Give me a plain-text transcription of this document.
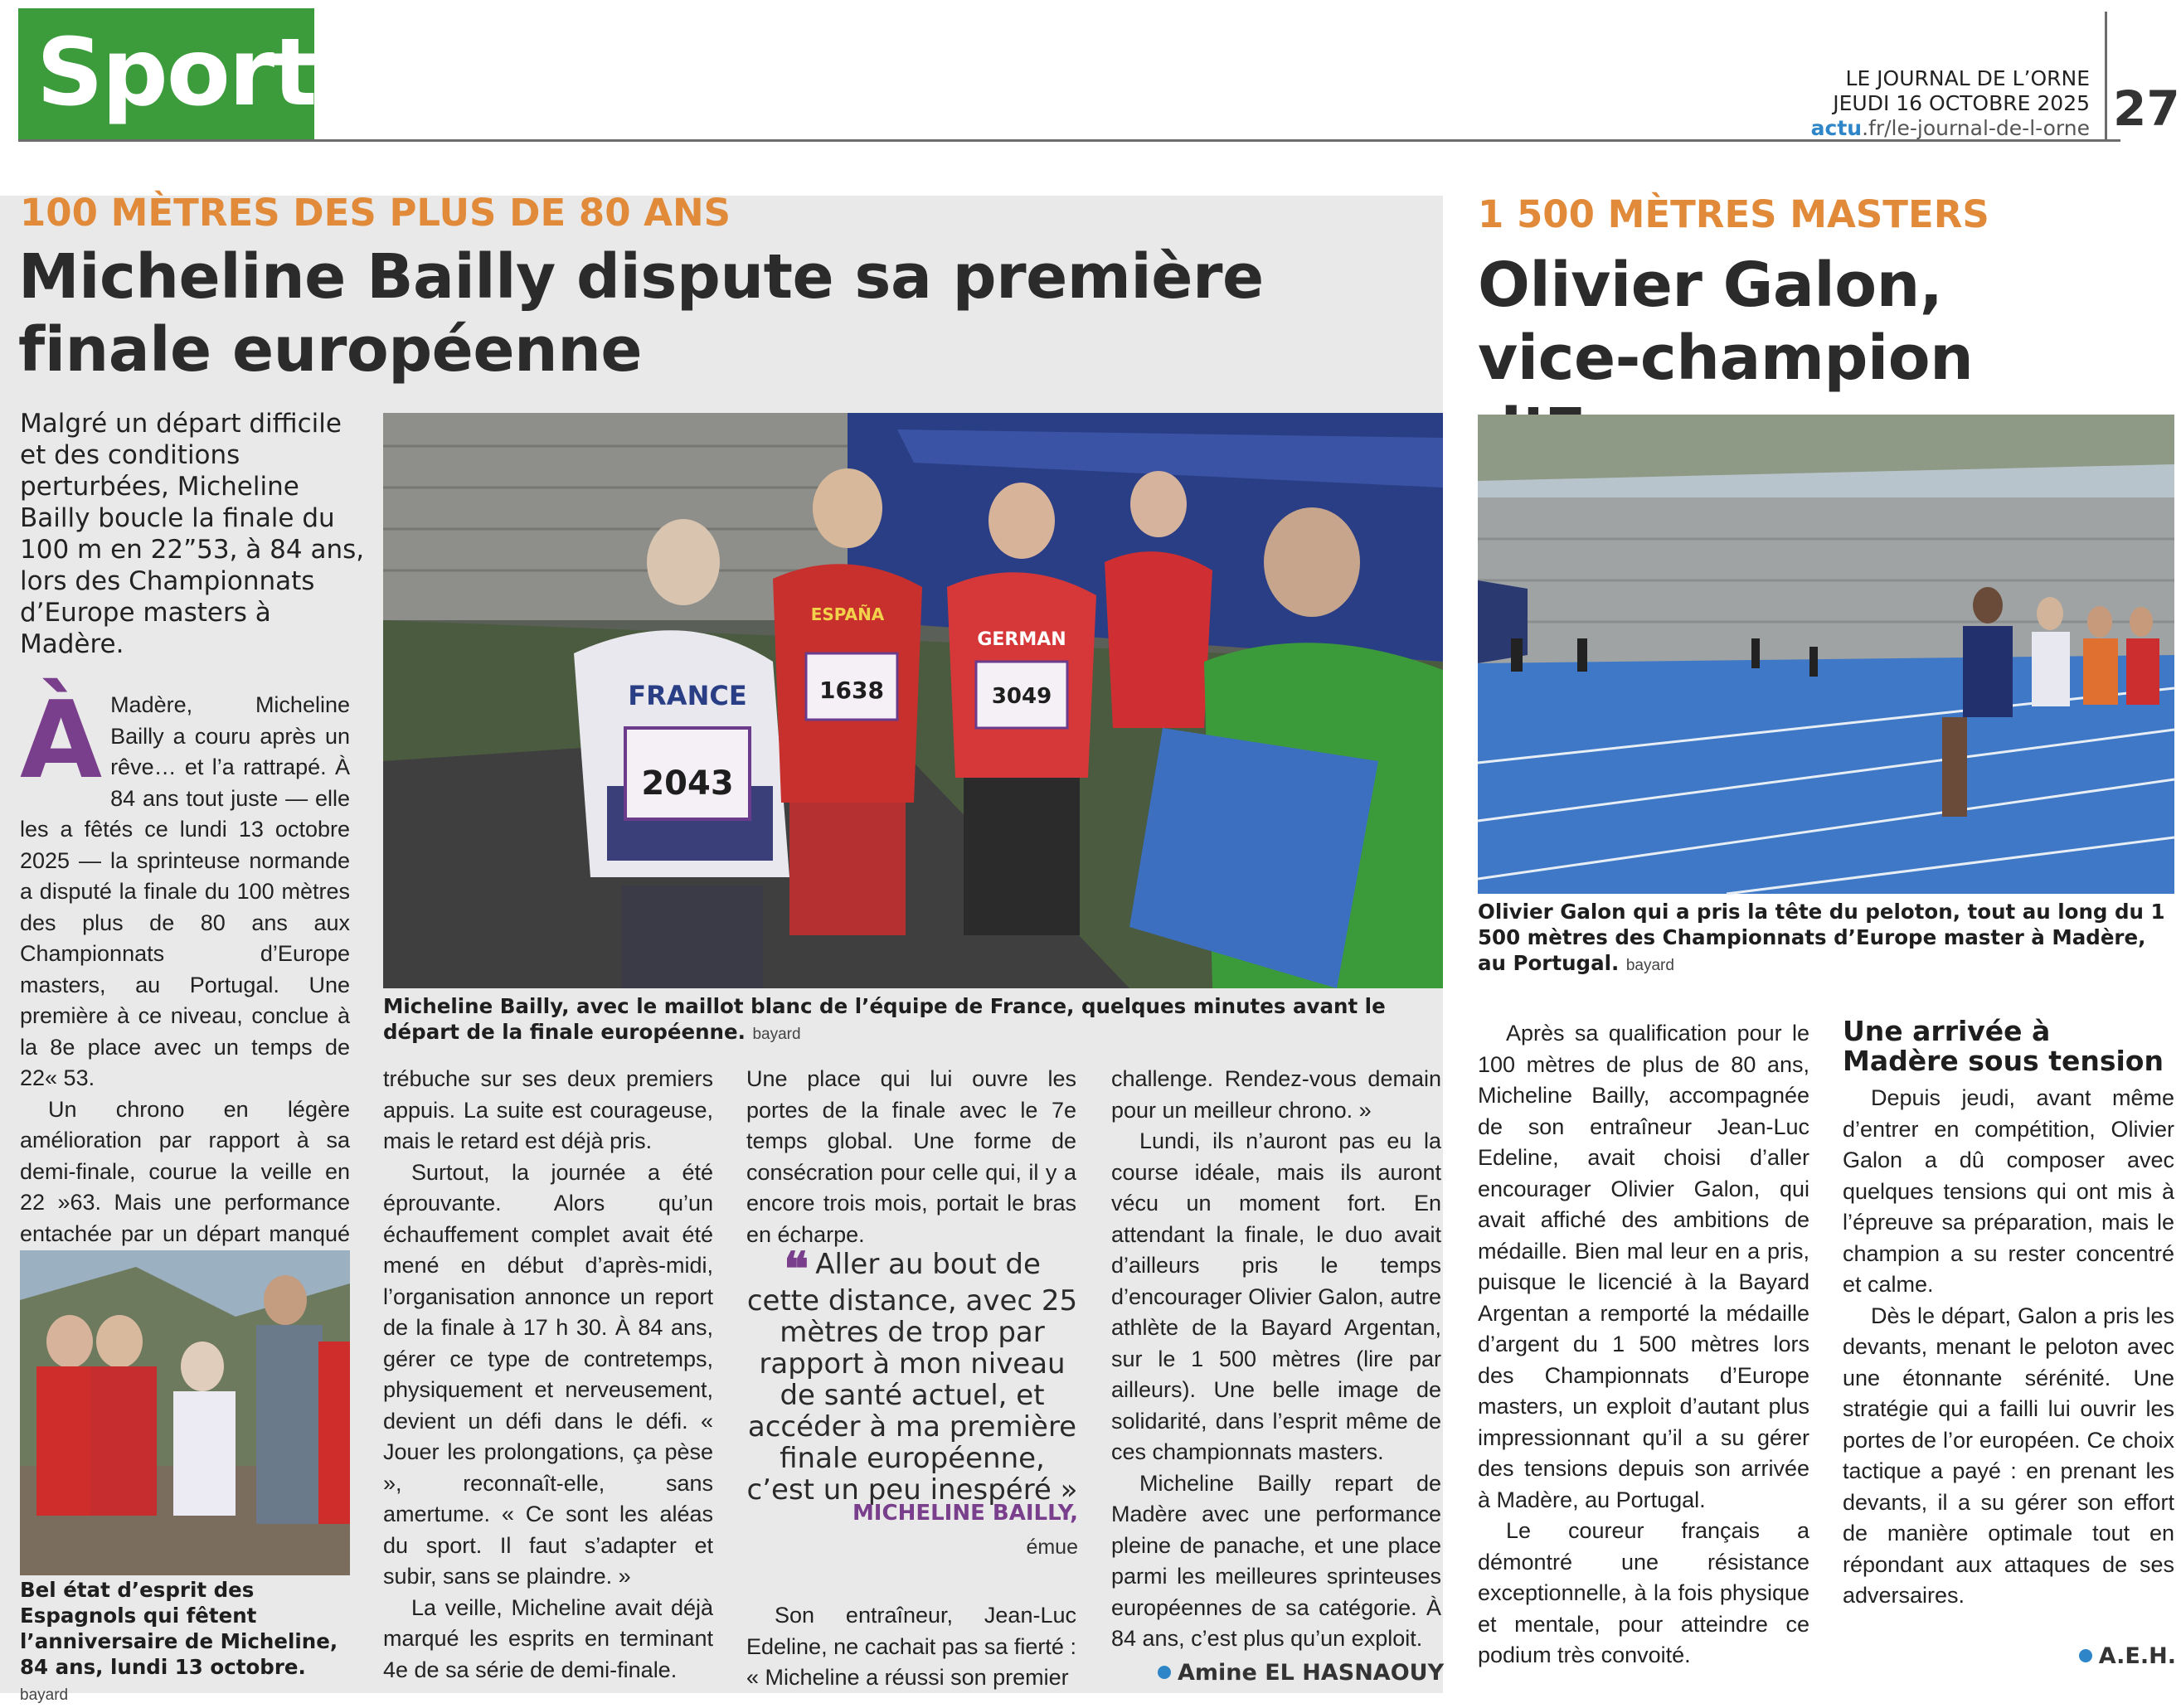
Sport	LE JOURNAL DE L’ORNE
JEUDI 16 OCTOBRE 2025
actu.fr/le-journal-de-l-orne 27
100 MÈTRES DES PLUS DE 80 ANS
Micheline Bailly dispute sa première
finale européenne
Malgré un départ difficile et des conditions perturbées, Micheline Bailly boucle la finale du 100 m en 22”53, à 84 ans, lors des Championnats d’Europe masters à Madère.
2043
FRANCE	1638
ESPAÑA
3049
GERMAN
Micheline Bailly, avec le maillot blanc de l’équipe de France, quelques minutes avant le départ de la finale européenne. bayard

À Madère, Micheline Bailly a couru après un rêve… et l’a rattrapé. À 84 ans tout juste — elle les a fêtés ce lundi 13 octobre 2025 — la sprinteuse normande a disputé la finale du 100 mètres des plus de 80 ans aux Championnats d’Europe masters, au Portugal. Une première à ce niveau, conclue à la 8e place avec un temps de 22« 53.

Un chrono en légère amélioration par rapport à sa demi-finale, courue la veille en 22 »63. Mais une performance entachée par un départ manqué

Bel état d’esprit des Espagnols qui fêtent l’anniversaire de Micheline, 84 ans, lundi 13 octobre. bayard

trébuche sur ses deux premiers appuis. La suite est courageuse, mais le retard est déjà pris.

Surtout, la journée a été éprouvante. Alors qu’un échauffement complet avait été mené en début d’après-midi, l’organisation annonce un report de la finale à 17 h 30. À 84 ans, gérer ce type de contretemps, physiquement et nerveusement, devient un défi dans le défi. « Jouer les prolongations, ça pèse », reconnaît-elle, sans amertume. « Ce sont les aléas du sport. Il faut s’adapter et subir, sans se plaindre. »

La veille, Micheline avait déjà marqué les esprits en terminant 4e de sa série de demi-finale.

Une place qui lui ouvre les portes de la finale avec le 7e temps global. Une forme de consécration pour celle qui, il y a encore trois mois, portait le bras en écharpe.

❝ Aller au bout de cette distance, avec 25 mètres de trop par rapport à mon niveau de santé actuel, et accéder à ma première finale européenne, c’est un peu inespéré »
MICHELINE BAILLY,
émue

Son entraîneur, Jean-Luc Edeline, ne cachait pas sa fierté : « Micheline a réussi son premier

challenge. Rendez-vous demain pour un meilleur chrono. »

Lundi, ils n’auront pas eu la course idéale, mais ils auront vécu un moment fort. En attendant la finale, le duo avait d’ailleurs pris le temps d’encourager Olivier Galon, autre athlète de la Bayard Argentan, sur le 1 500 mètres (lire par ailleurs). Une belle image de solidarité, dans l’esprit même de ces championnats masters.

Micheline Bailly repart de Madère avec une performance pleine de panache, et une place parmi les meilleures sprinteuses européennes de sa catégorie. À 84 ans, c’est plus qu’un exploit.

Amine EL HASNAOUY
1 500 MÈTRES MASTERS
Olivier Galon,
vice-champion
Olivier Galon qui a pris la tête du peloton, tout au long du 1 500 mètres des Championnats d’Europe master à Madère, au Portugal. bayard

Après sa qualification pour le 100 mètres de plus de 80 ans, Micheline Bailly, accompagnée de son entraîneur Jean-Luc Edeline, avait choisi d’aller encourager Olivier Galon, qui avait affiché des ambitions de médaille. Bien mal leur en a pris, puisque le licencié à la Bayard Argentan a remporté la médaille d’argent du 1 500 mètres lors des Championnats d’Europe masters, un exploit d’autant plus impressionnant qu’il a su gérer des tensions depuis son arrivée à Madère, au Portugal.

Le coureur français a démontré une résistance exceptionnelle, à la fois physique et mentale, pour atteindre ce podium très convoité.

Une arrivée à Madère sous tension

Depuis jeudi, avant même d’entrer en compétition, Olivier Galon a dû composer avec quelques tensions qui ont mis à l’épreuve sa préparation, mais le champion a su rester concentré et calme.

Dès le départ, Galon a pris les devants, menant le peloton avec une étonnante sérénité. Une stratégie qui a failli lui ouvrir les portes de l’or européen. Ce choix tactique a payé : en prenant les devants, il a su gérer son effort de manière optimale tout en répondant aux attaques de ses adversaires.

A.E.H.
